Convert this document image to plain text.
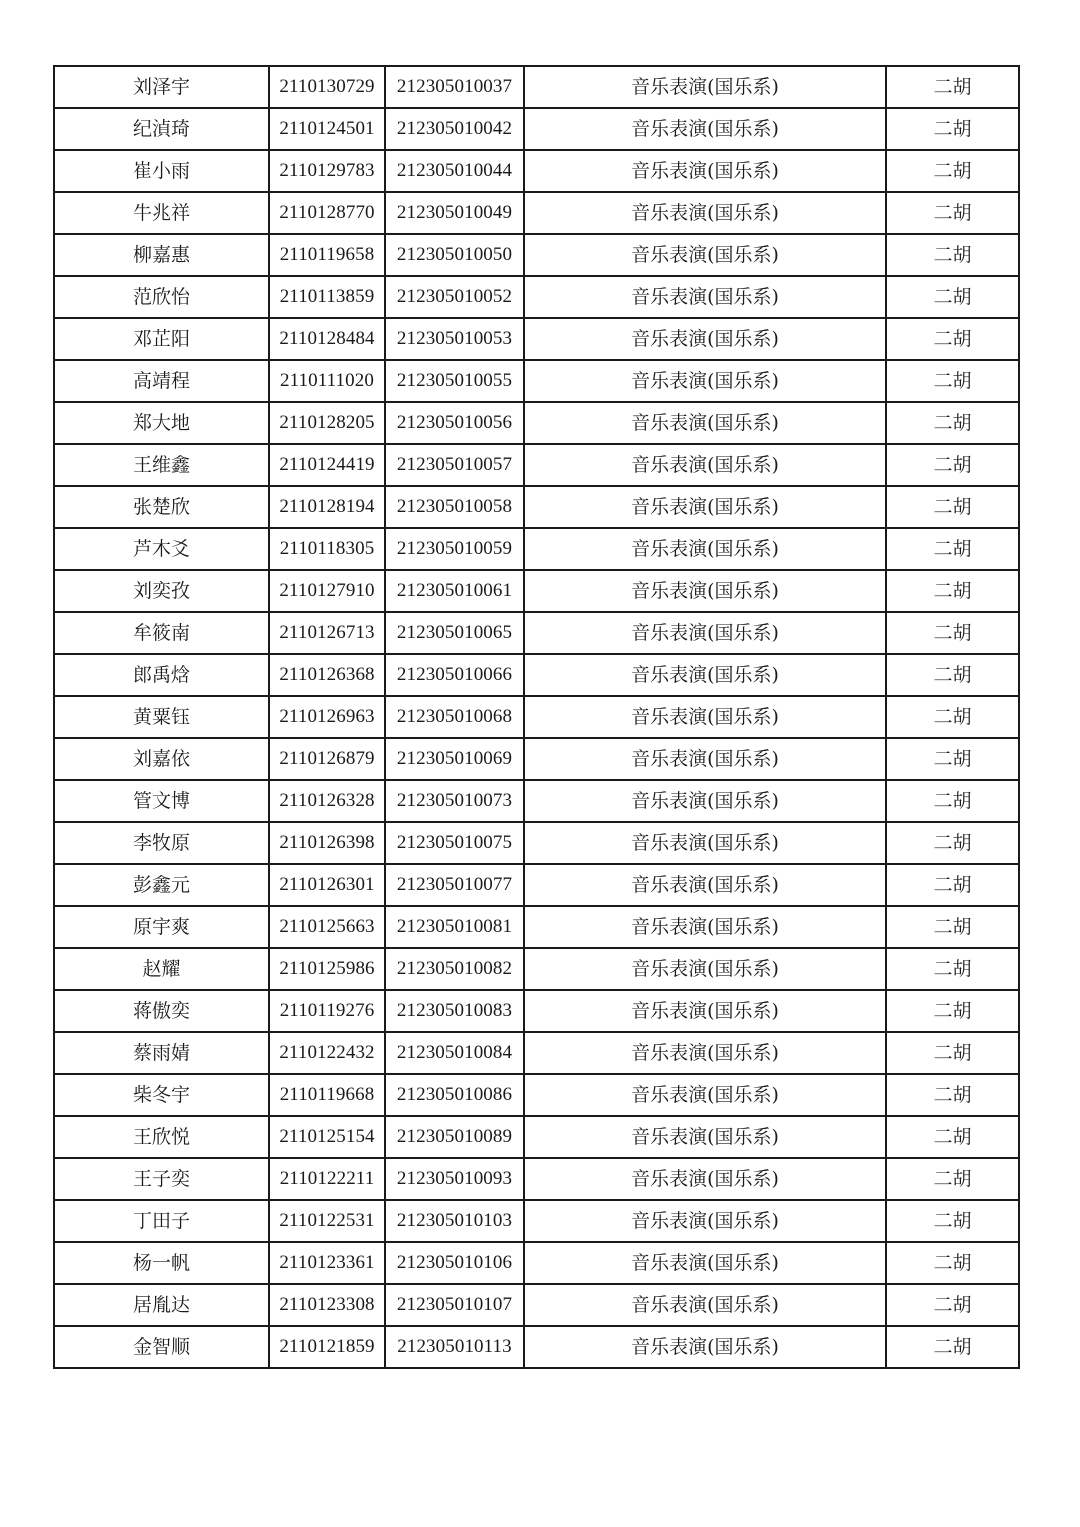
刘泽宇	2110130729	212305010037	音乐表演(国乐系)	二胡
纪湞琦	2110124501	212305010042	音乐表演(国乐系)	二胡
崔小雨	2110129783	212305010044	音乐表演(国乐系)	二胡
牛兆祥	2110128770	212305010049	音乐表演(国乐系)	二胡
柳嘉惠	2110119658	212305010050	音乐表演(国乐系)	二胡
范欣怡	2110113859	212305010052	音乐表演(国乐系)	二胡
邓芷阳	2110128484	212305010053	音乐表演(国乐系)	二胡
高靖程	2110111020	212305010055	音乐表演(国乐系)	二胡
郑大地	2110128205	212305010056	音乐表演(国乐系)	二胡
王维鑫	2110124419	212305010057	音乐表演(国乐系)	二胡
张楚欣	2110128194	212305010058	音乐表演(国乐系)	二胡
芦木爻	2110118305	212305010059	音乐表演(国乐系)	二胡
刘奕孜	2110127910	212305010061	音乐表演(国乐系)	二胡
牟筱南	2110126713	212305010065	音乐表演(国乐系)	二胡
郎禹焓	2110126368	212305010066	音乐表演(国乐系)	二胡
黄粟钰	2110126963	212305010068	音乐表演(国乐系)	二胡
刘嘉依	2110126879	212305010069	音乐表演(国乐系)	二胡
管文博	2110126328	212305010073	音乐表演(国乐系)	二胡
李牧原	2110126398	212305010075	音乐表演(国乐系)	二胡
彭鑫元	2110126301	212305010077	音乐表演(国乐系)	二胡
原宇爽	2110125663	212305010081	音乐表演(国乐系)	二胡
赵耀	2110125986	212305010082	音乐表演(国乐系)	二胡
蒋傲奕	2110119276	212305010083	音乐表演(国乐系)	二胡
蔡雨婧	2110122432	212305010084	音乐表演(国乐系)	二胡
柴冬宇	2110119668	212305010086	音乐表演(国乐系)	二胡
王欣悦	2110125154	212305010089	音乐表演(国乐系)	二胡
王子奕	2110122211	212305010093	音乐表演(国乐系)	二胡
丁田子	2110122531	212305010103	音乐表演(国乐系)	二胡
杨一帆	2110123361	212305010106	音乐表演(国乐系)	二胡
居胤达	2110123308	212305010107	音乐表演(国乐系)	二胡
金智顺	2110121859	212305010113	音乐表演(国乐系)	二胡
